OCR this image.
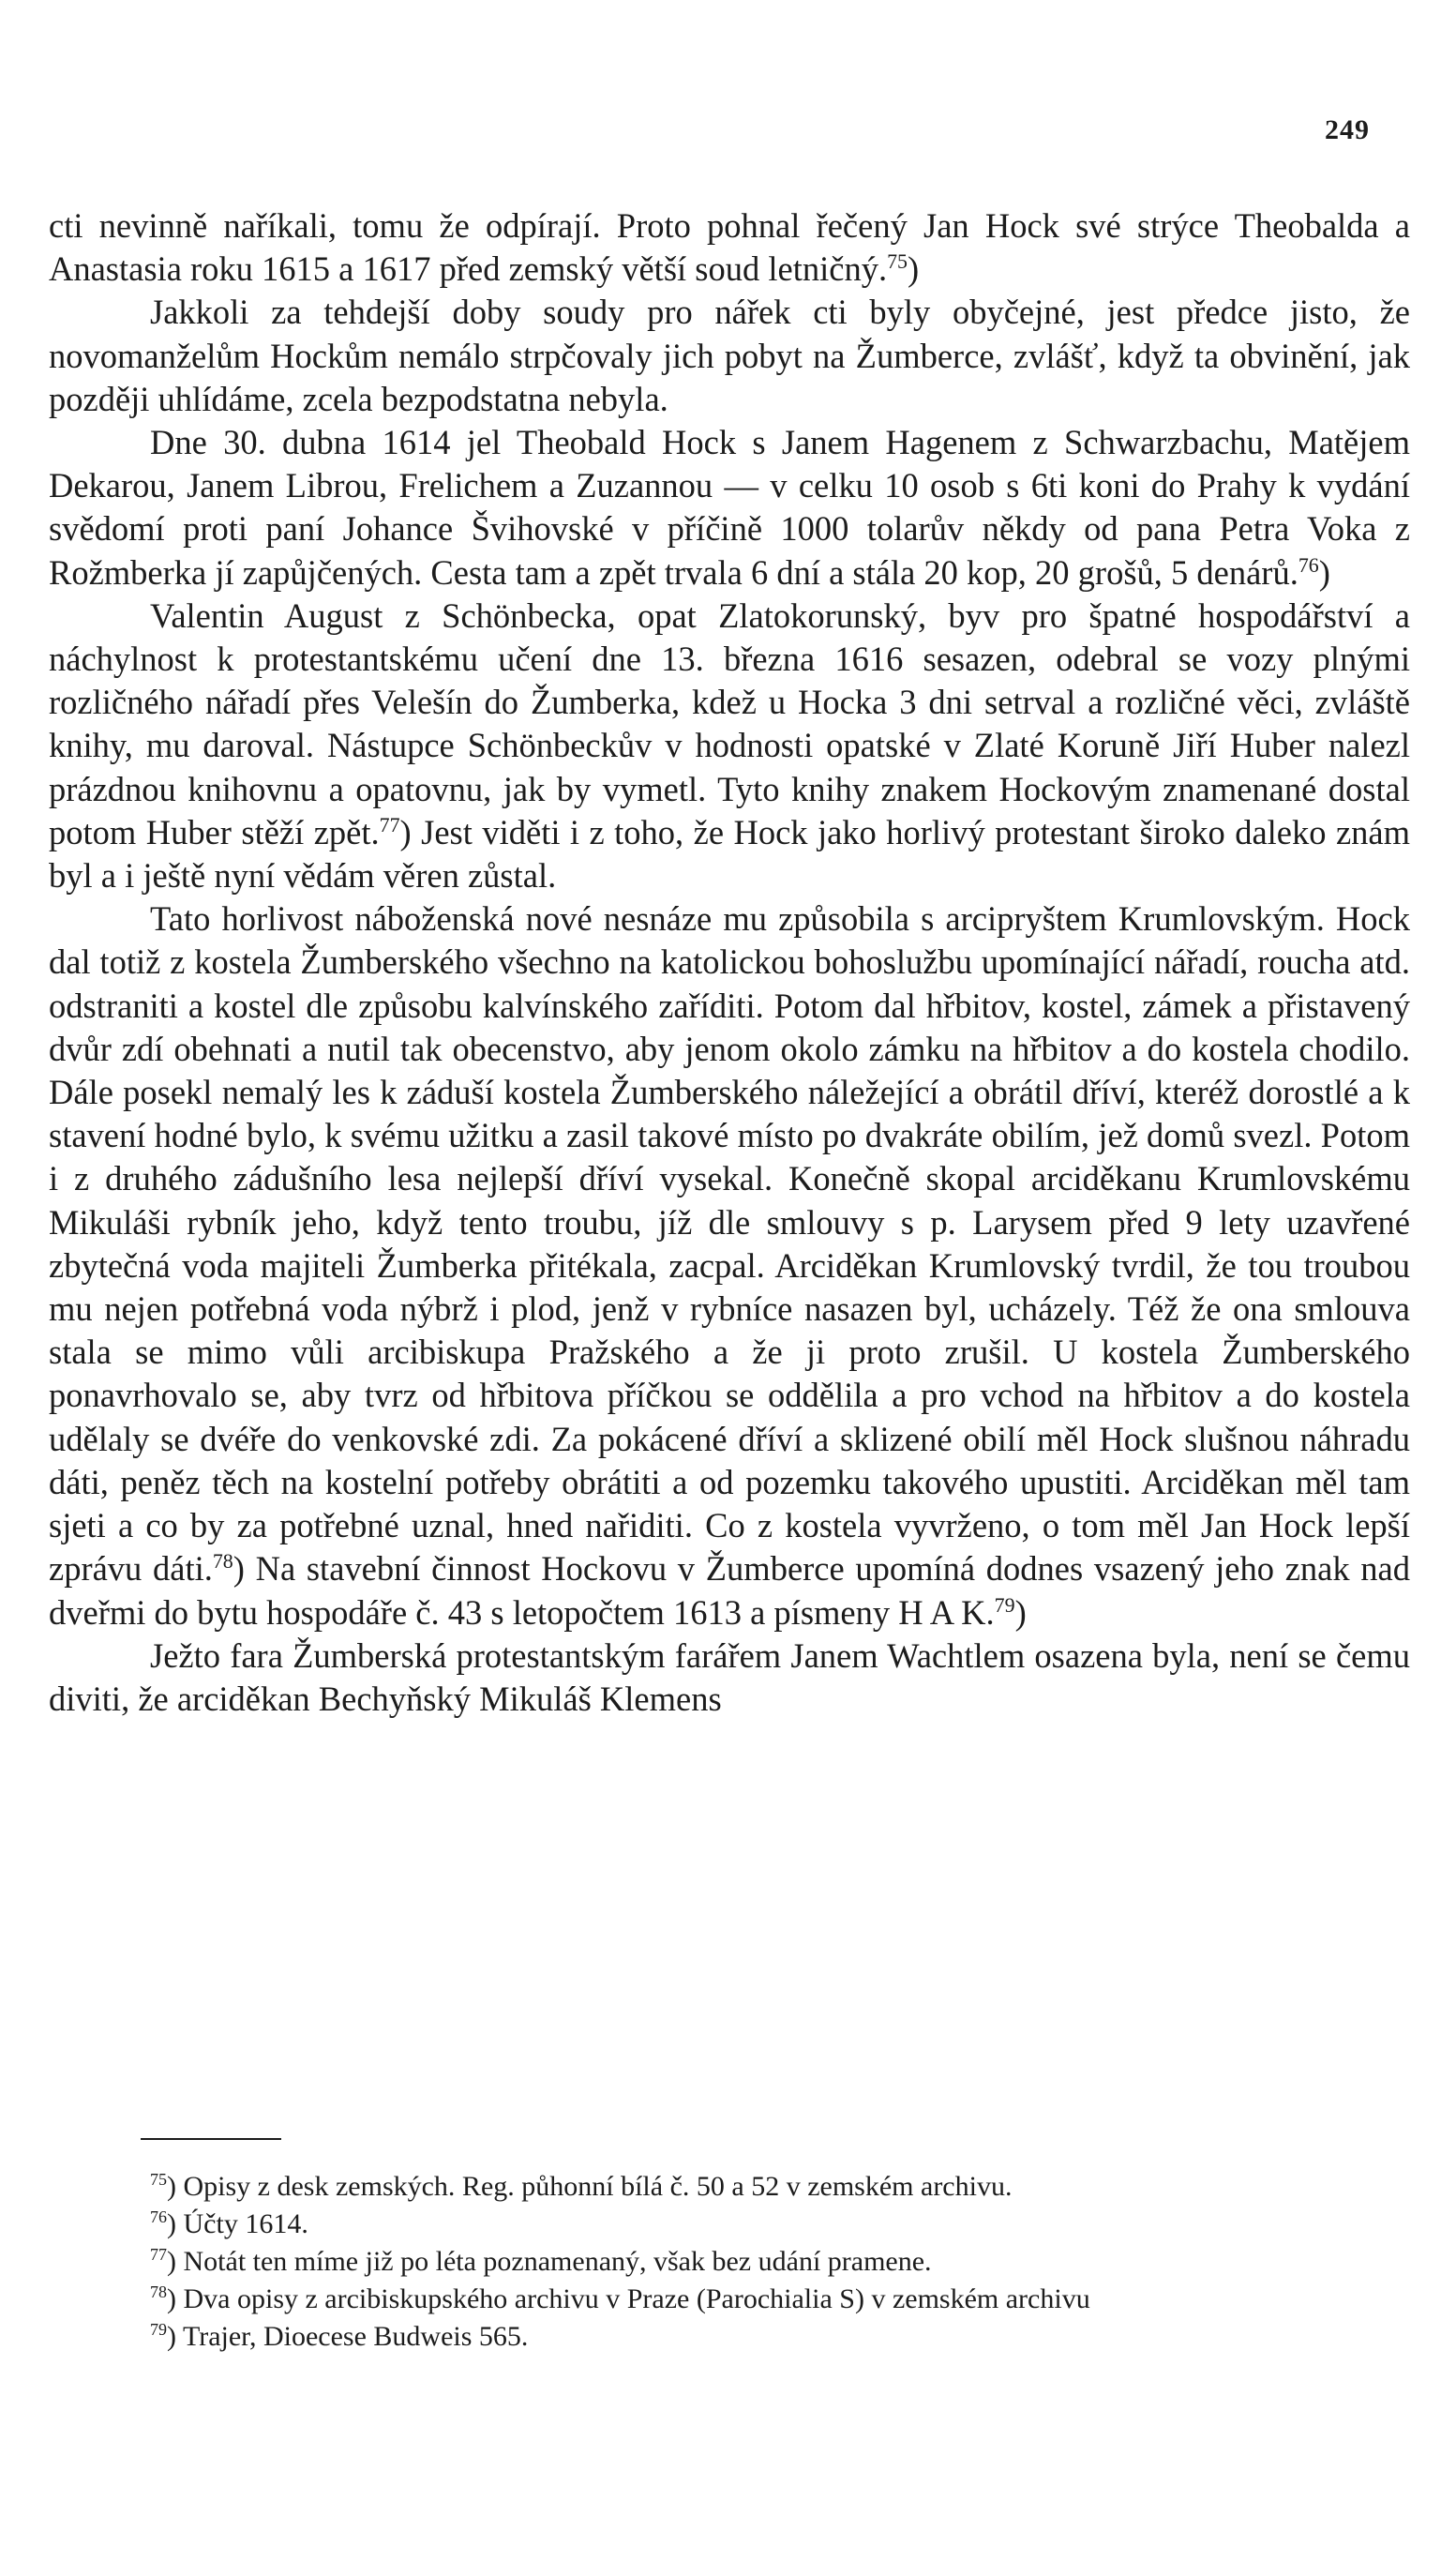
249

cti nevinně naříkali, tomu že odpírají. Proto pohnal řečený Jan Hock své strýce Theobalda a Anastasia roku 1615 a 1617 před zemský větší soud letničný.$^{75}$)

Jakkoli za tehdejší doby soudy pro nářek cti byly obyčejné, jest předce jisto, že novomanželům Hockům nemálo strpčovaly jich pobyt na Žumberce, zvlášť, když ta obvinění, jak později uhlídáme, zcela bezpodstatna nebyla.

Dne 30. dubna 1614 jel Theobald Hock s Janem Hagenem z Schwarzbachu, Matějem Dekarou, Janem Librou, Frelichem a Zuzannou — v celku 10 osob s 6ti koni do Prahy k vydání svědomí proti paní Johance Švihovské v příčině 1000 tolarův někdy od pana Petra Voka z Rožmberka jí zapůjčených. Cesta tam a zpět trvala 6 dní a stála 20 kop, 20 grošů, 5 denárů.$^{76}$)

Valentin August z Schönbecka, opat Zlatokorunský, byv pro špatné hospodářství a náchylnost k protestantskému učení dne 13. března 1616 sesazen, odebral se vozy plnými rozličného nářadí přes Velešín do Žumberka, kdež u Hocka 3 dni setrval a rozličné věci, zvláště knihy, mu daroval. Nástupce Schönbeckův v hodnosti opatské v Zlaté Koruně Jiří Huber nalezl prázdnou knihovnu a opatovnu, jak by vymetl. Tyto knihy znakem Hockovým znamenané dostal potom Huber stěží zpět.$^{77}$) Jest viděti i z toho, že Hock jako horlivý protestant široko daleko znám byl a i ještě nyní vědám věren zůstal.

Tato horlivost náboženská nové nesnáze mu způsobila s arcipryštem Krumlovským. Hock dal totiž z kostela Žumberského všechno na katolickou bohoslužbu upomínající nářadí, roucha atd. odstraniti a kostel dle způsobu kalvínského zaříditi. Potom dal hřbitov, kostel, zámek a přistavený dvůr zdí obehnati a nutil tak obecenstvo, aby jenom okolo zámku na hřbitov a do kostela chodilo. Dále posekl nemalý les k záduší kostela Žumberského náležející a obrátil dříví, kteréž dorostlé a k stavení hodné bylo, k svému užitku a zasil takové místo po dvakráte obilím, jež domů svezl. Potom i z druhého zádušního lesa nejlepší dříví vysekal. Konečně skopal arciděkanu Krumlovskému Mikuláši rybník jeho, když tento troubu, jíž dle smlouvy s p. Larysem před 9 lety uzavřené zbytečná voda majiteli Žumberka přitékala, zacpal. Arciděkan Krumlovský tvrdil, že tou troubou mu nejen potřebná voda nýbrž i plod, jenž v rybníce nasazen byl, ucházely. Též že ona smlouva stala se mimo vůli arcibiskupa Pražského a že ji proto zrušil. U kostela Žumberského ponavrhovalo se, aby tvrz od hřbitova příčkou se oddělila a pro vchod na hřbitov a do kostela udělaly se dvéře do venkovské zdi. Za pokácené dříví a sklizené obilí měl Hock slušnou náhradu dáti, peněz těch na kostelní potřeby obrátiti a od pozemku takového upustiti. Arciděkan měl tam sjeti a co by za potřebné uznal, hned nařiditi. Co z kostela vyvrženo, o tom měl Jan Hock lepší zprávu dáti.$^{78}$) Na stavební činnost Hockovu v Žumberce upomíná dodnes vsazený jeho znak nad dveřmi do bytu hospodáře č. 43 s letopočtem 1613 a písmeny H A K.$^{79}$)

Ježto fara Žumberská protestantským farářem Janem Wachtlem osazena byla, není se čemu diviti, že arciděkan Bechyňský Mikuláš Klemens

$^{75}$) Opisy z desk zemských. Reg. půhonní bílá č. 50 a 52 v zemském archivu.

$^{76}$) Účty 1614.

$^{77}$) Notát ten míme již po léta poznamenaný, však bez udání pramene.

$^{78}$) Dva opisy z arcibiskupského archivu v Praze (Parochialia S) v zemském archivu

$^{79}$) Trajer, Dioecese Budweis 565.
